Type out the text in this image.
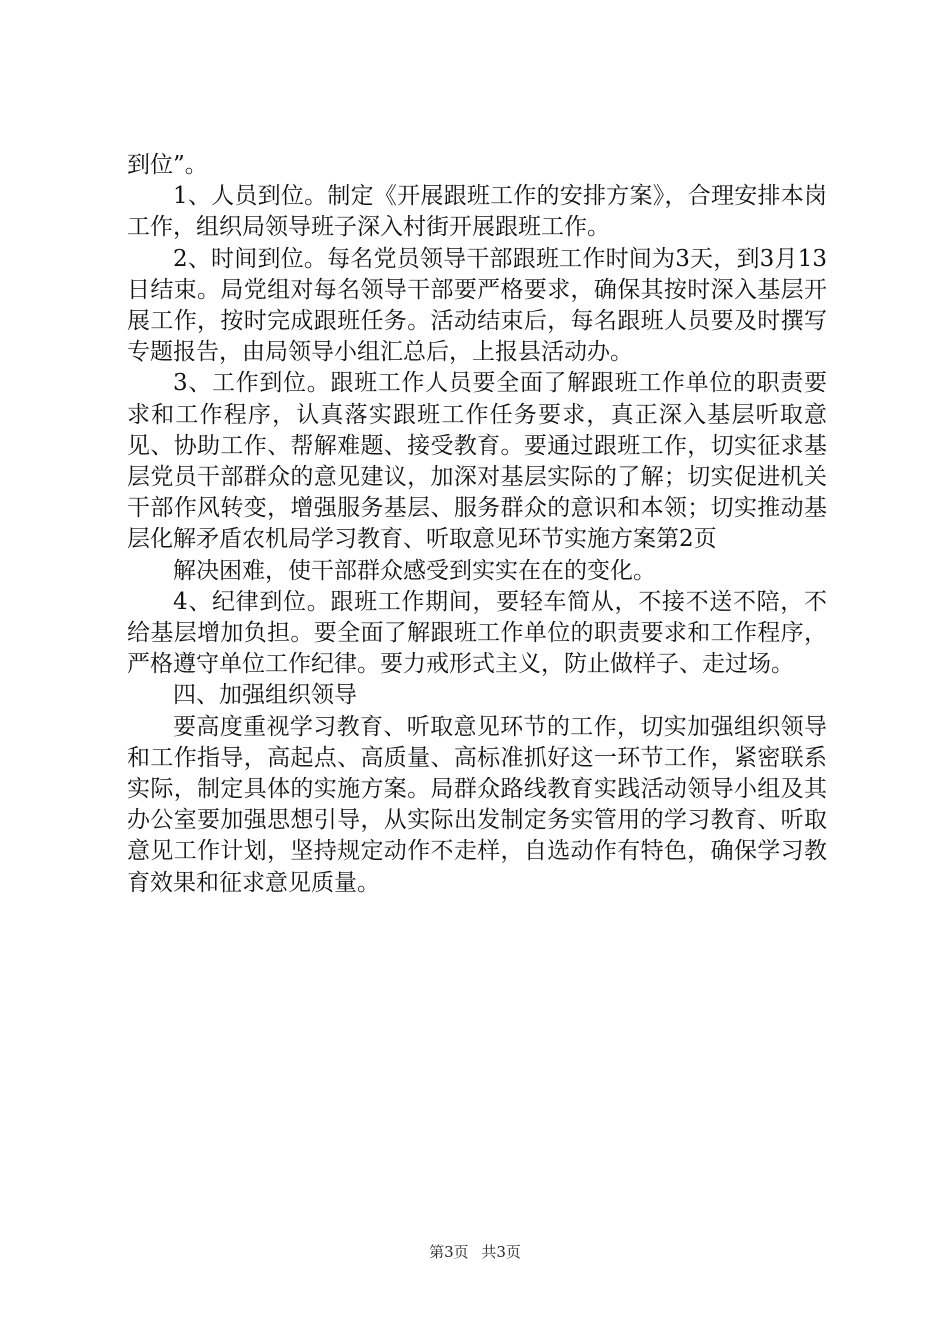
到位”。

1、人员到位。制定《开展跟班工作的安排方案》，合理安排本岗工作，组织局领导班子深入村街开展跟班工作。

2、时间到位。每名党员领导干部跟班工作时间为3天，到3月13日结束。局党组对每名领导干部要严格要求，确保其按时深入基层开展工作，按时完成跟班任务。活动结束后，每名跟班人员要及时撰写专题报告，由局领导小组汇总后，上报县活动办。

3、工作到位。跟班工作人员要全面了解跟班工作单位的职责要求和工作程序，认真落实跟班工作任务要求，真正深入基层听取意见、协助工作、帮解难题、接受教育。要通过跟班工作，切实征求基层党员干部群众的意见建议，加深对基层实际的了解；切实促进机关干部作风转变，增强服务基层、服务群众的意识和本领；切实推动基层化解矛盾农机局学习教育、听取意见环节实施方案第2页

解决困难，使干部群众感受到实实在在的变化。

4、纪律到位。跟班工作期间，要轻车简从，不接不送不陪，不给基层增加负担。要全面了解跟班工作单位的职责要求和工作程序，严格遵守单位工作纪律。要力戒形式主义，防止做样子、走过场。

四、加强组织领导

要高度重视学习教育、听取意见环节的工作，切实加强组织领导和工作指导，高起点、高质量、高标准抓好这一环节工作，紧密联系实际，制定具体的实施方案。局群众路线教育实践活动领导小组及其办公室要加强思想引导，从实际出发制定务实管用的学习教育、听取意见工作计划，坚持规定动作不走样，自选动作有特色，确保学习教育效果和征求意见质量。

第3页 共3页
